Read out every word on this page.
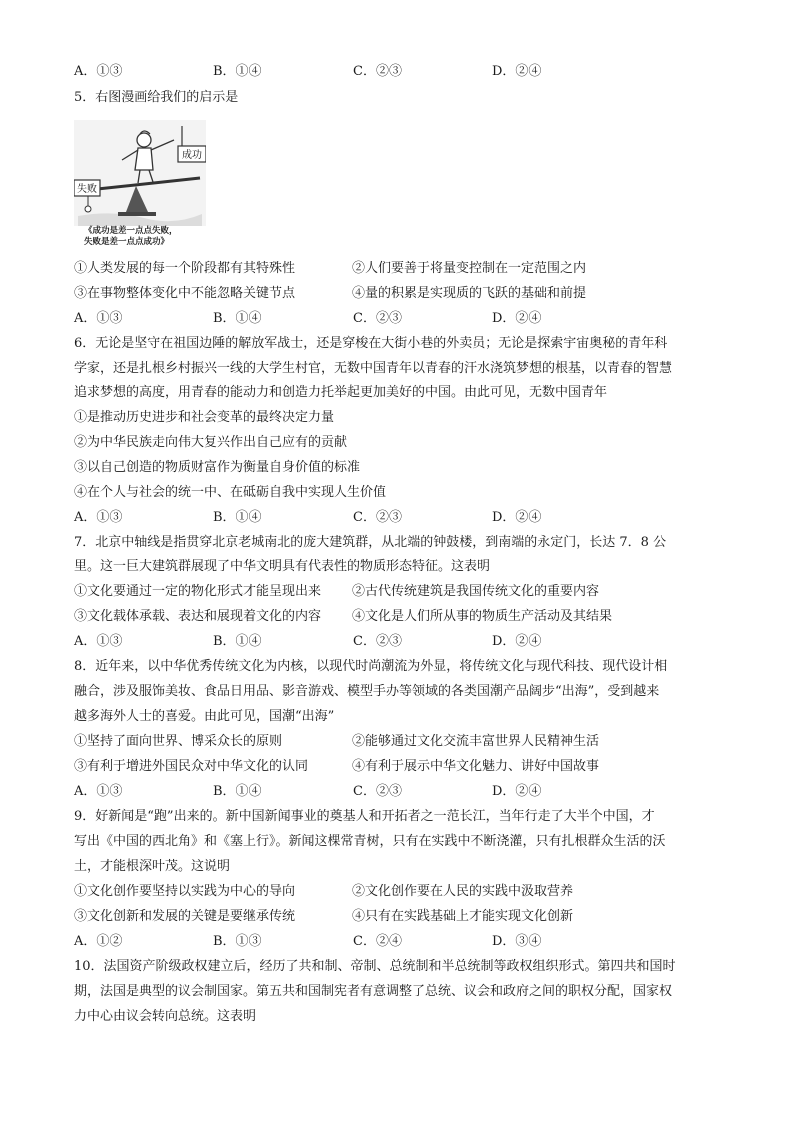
A．①③	B．①④	C．②③	D．②④
5．右图漫画给我们的启示是
成功
失败
《成功是差一点点失败，
失败是差一点点成功》
①人类发展的每一个阶段都有其特殊性	②人们要善于将量变控制在一定范围之内
③在事物整体变化中不能忽略关键节点	④量的积累是实现质的飞跃的基础和前提
A．①③	B．①④	C．②③	D．②④
6．无论是坚守在祖国边陲的解放军战士，还是穿梭在大街小巷的外卖员；无论是探索宇宙奥秘的青年科
学家，还是扎根乡村振兴一线的大学生村官，无数中国青年以青春的汗水浇筑梦想的根基，以青春的智慧
追求梦想的高度，用青春的能动力和创造力托举起更加美好的中国。由此可见，无数中国青年
①是推动历史进步和社会变革的最终决定力量
②为中华民族走向伟大复兴作出自己应有的贡献
③以自己创造的物质财富作为衡量自身价值的标准
④在个人与社会的统一中、在砥砺自我中实现人生价值
A．①③	B．①④	C．②③	D．②④
7．北京中轴线是指贯穿北京老城南北的庞大建筑群，从北端的钟鼓楼，到南端的永定门，长达 7．8 公
里。这一巨大建筑群展现了中华文明具有代表性的物质形态特征。这表明
①文化要通过一定的物化形式才能呈现出来 ②古代传统建筑是我国传统文化的重要内容
③文化载体承载、表达和展现着文化的内容 ④文化是人们所从事的物质生产活动及其结果
A．①③	B．①④	C．②③	D．②④
8．近年来，以中华优秀传统文化为内核，以现代时尚潮流为外显，将传统文化与现代科技、现代设计相
融合，涉及服饰美妆、食品日用品、影音游戏、模型手办等领域的各类国潮产品阔步“出海”，受到越来
越多海外人士的喜爱。由此可见，国潮“出海”
①坚持了面向世界、博采众长的原则	②能够通过文化交流丰富世界人民精神生活
③有利于增进外国民众对中华文化的认同	④有利于展示中华文化魅力、讲好中国故事
A．①③	B．①④	C．②③	D．②④
9．好新闻是“跑”出来的。新中国新闻事业的奠基人和开拓者之一范长江，当年行走了大半个中国，才
写出《中国的西北角》和《塞上行》。新闻这棵常青树，只有在实践中不断浇灌，只有扎根群众生活的沃
土，才能根深叶茂。这说明
①文化创作要坚持以实践为中心的导向	②文化创作要在人民的实践中汲取营养
③文化创新和发展的关键是要继承传统	④只有在实践基础上才能实现文化创新
A．①②	B．①③	C．②④	D．③④
10．法国资产阶级政权建立后，经历了共和制、帝制、总统制和半总统制等政权组织形式。第四共和国时
期，法国是典型的议会制国家。第五共和国制宪者有意调整了总统、议会和政府之间的职权分配，国家权
力中心由议会转向总统。这表明
